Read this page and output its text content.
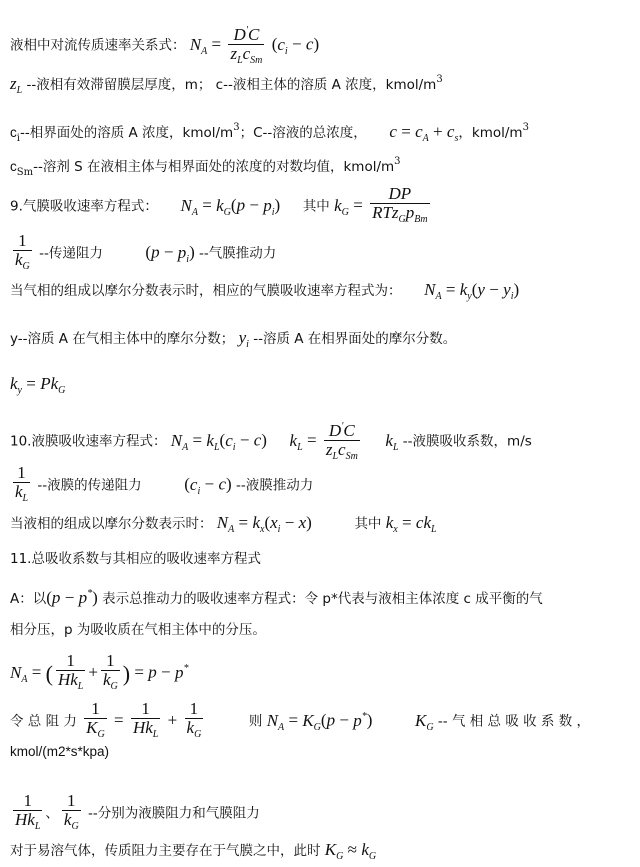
液相中对流传质速率关系式： $N_A = \frac{D'C}{z_Lc_{Sm}} (c_i - c)$
$z_L$ --液相有效滞留膜层厚度，m； c--液相主体的溶质 A 浓度，kmol/$m^3$
$c_i--$相界面处的溶质 A 浓度，kmol/$m^3$；C--溶液的总浓度， $c = c_A + c_s$，kmol/$m^3$
$c_{Sm}--$溶剂 S 在液相主体与相界面处的浓度的对数均值，kmol/$m^3$
9.气膜吸收速率方程式： $N_A = k_G(p - p_i)$ 其中 $k_G = \frac{DP}{RTz_Gp_{Bm}}$
$\frac{1}{k_G}$ --传递阻力	$(p - p_i)$ --气膜推动力
当气相的组成以摩尔分数表示时，相应的气膜吸收速率方程式为： $N_A = k_y(y - y_i)$
y--溶质 A 在气相主体中的摩尔分数； $y_i$ --溶质 A 在相界面处的摩尔分数。
$k_y = Pk_G$
10.液膜吸收速率方程式： $N_A = k_L(c_i - c) k_L = \frac{D'C}{z_Lc_{Sm}} k_L$ --液膜吸收系数，m/s
$\frac{1}{k_L}$ --液膜的传递阻力	$(c_i - c)$ --液膜推动力
当液相的组成以摩尔分数表示时： $N_A = k_x(x_i - x)$	其中 $k_x = ck_L$
11.总吸收系数与其相应的吸收速率方程式
A：以(p − p*) 表示总推动力的吸收速率方程式：令 p*代表与液相主体浓度 c 成平衡的气
相分压，p 为吸收质在气相主体中的分压。
$N_A$ = ( $\frac{1}{Hk_L} + \frac{1}{k_G}$ ) = p − p*
令 总 阻 力 $\frac{1}{K_G} = \frac{1}{Hk_L} + \frac{1}{k_G}$	则 $N_A = K_G(p - p^*)$	$K_G$ -- 气 相 总 吸 收 系 数 ，
kmol/(m2*s*kpa)
$\frac{1}{Hk_L}$ 、 $\frac{1}{k_G}$ --分别为液膜阻力和气膜阻力
对于易溶气体，传质阻力主要存在于气膜之中，此时 $K_G \approx k_G$
